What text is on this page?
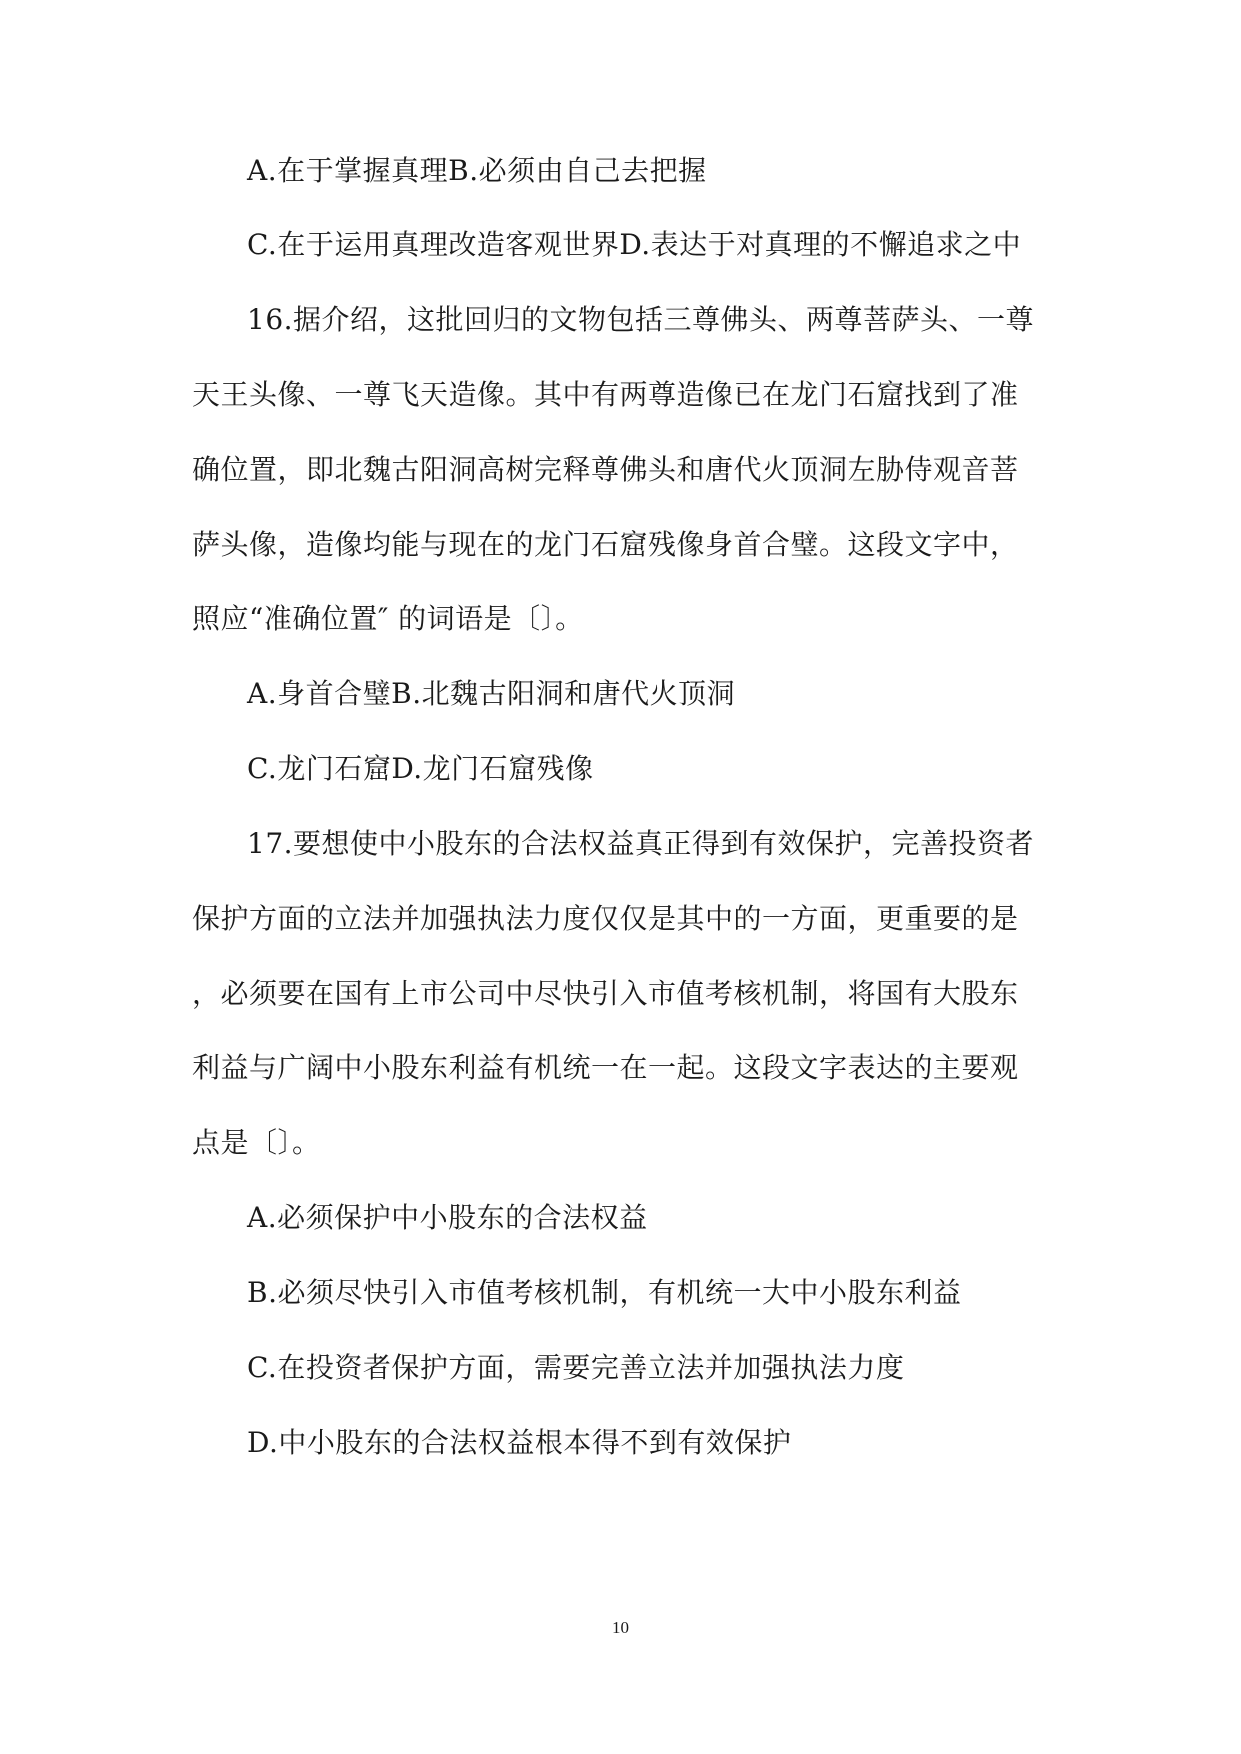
A.在于掌握真理B.必须由自己去把握
C.在于运用真理改造客观世界D.表达于对真理的不懈追求之中
16.据介绍，这批回归的文物包括三尊佛头、两尊菩萨头、一尊
天王头像、一尊飞天造像。其中有两尊造像已在龙门石窟找到了准
确位置，即北魏古阳洞高树完释尊佛头和唐代火顶洞左胁侍观音菩
萨头像，造像均能与现在的龙门石窟残像身首合璧。这段文字中，
照应“准确位置″ 的词语是〔〕。
A.身首合璧B.北魏古阳洞和唐代火顶洞
C.龙门石窟D.龙门石窟残像
17.要想使中小股东的合法权益真正得到有效保护，完善投资者
保护方面的立法并加强执法力度仅仅是其中的一方面，更重要的是
，必须要在国有上市公司中尽快引入市值考核机制，将国有大股东
利益与广阔中小股东利益有机统一在一起。这段文字表达的主要观
点是〔〕。
A.必须保护中小股东的合法权益
B.必须尽快引入市值考核机制，有机统一大中小股东利益
C.在投资者保护方面，需要完善立法并加强执法力度
D.中小股东的合法权益根本得不到有效保护
10
